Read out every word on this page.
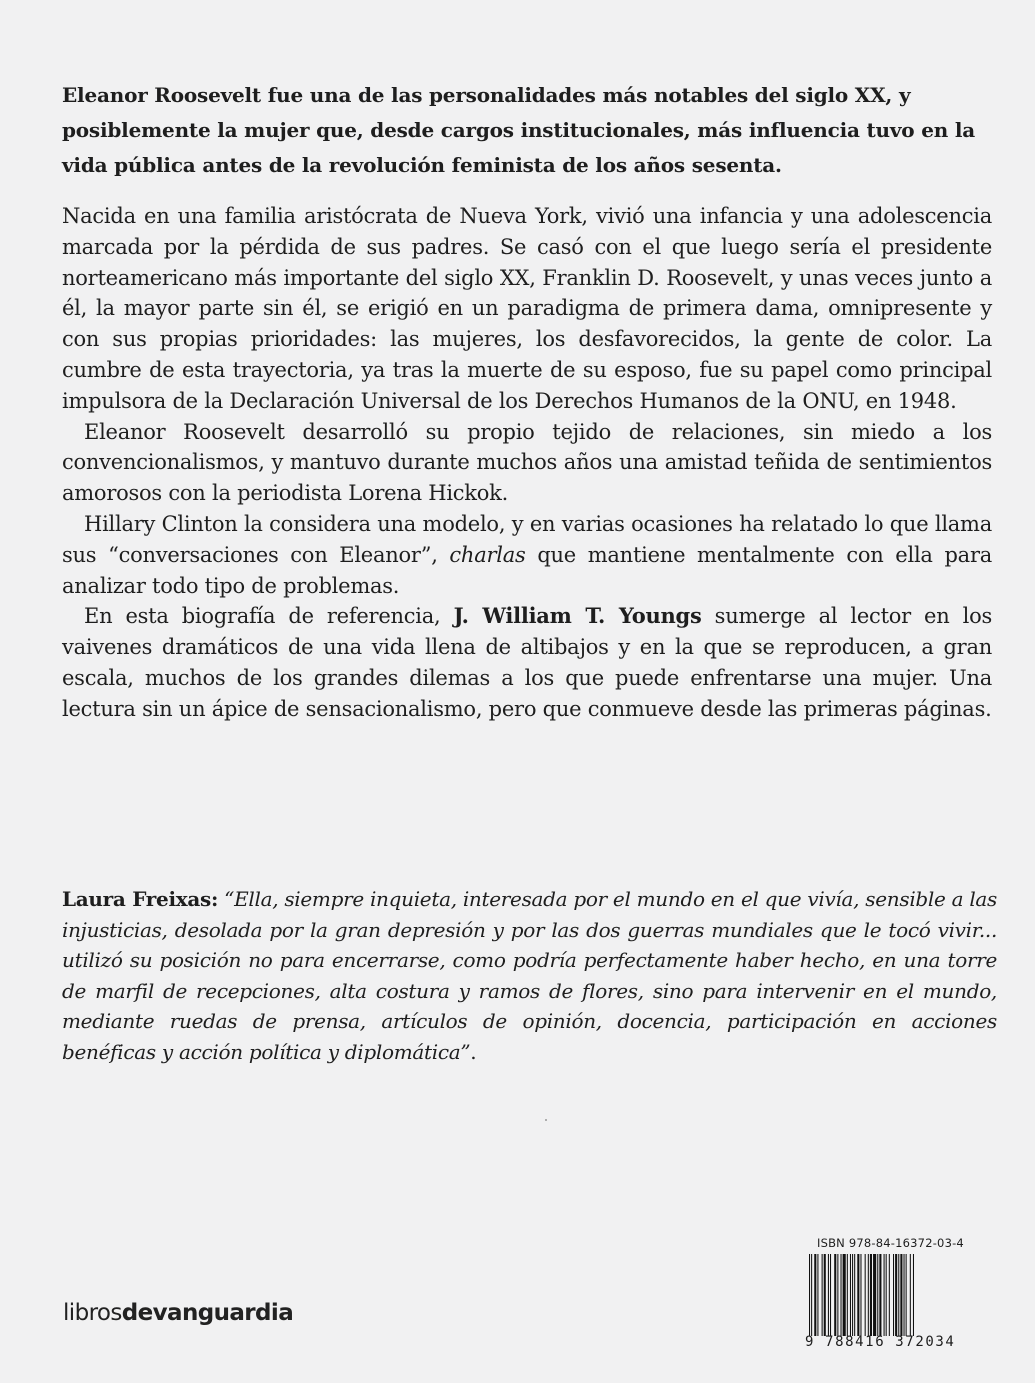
Eleanor Roosevelt fue una de las personalidades más notables del siglo XX, y posiblemente la mujer que, desde cargos institucionales, más influencia tuvo en la vida pública antes de la revolución feminista de los años sesenta.

Nacida en una familia aristócrata de Nueva York, vivió una infancia y una adolescencia marcada por la pérdida de sus padres. Se casó con el que luego sería el presidente norteamericano más importante del siglo XX, Franklin D. Roosevelt, y unas veces junto a él, la mayor parte sin él, se erigió en un paradigma de primera dama, omnipresente y con sus propias prioridades: las mujeres, los desfavorecidos, la gente de color. La cumbre de esta trayectoria, ya tras la muerte de su esposo, fue su papel como principal impulsora de la Declaración Universal de los Derechos Humanos de la ONU, en 1948.

Eleanor Roosevelt desarrolló su propio tejido de relaciones, sin miedo a los convencionalismos, y mantuvo durante muchos años una amistad teñida de sentimientos amorosos con la periodista Lorena Hickok.

Hillary Clinton la considera una modelo, y en varias ocasiones ha relatado lo que llama sus “conversaciones con Eleanor”, charlas que mantiene mentalmente con ella para analizar todo tipo de problemas.

En esta biografía de referencia, J. William T. Youngs sumerge al lector en los vaivenes dramáticos de una vida llena de altibajos y en la que se reproducen, a gran escala, muchos de los grandes dilemas a los que puede enfrentarse una mujer. Una lectura sin un ápice de sensacionalismo, pero que conmueve desde las primeras páginas.

Laura Freixas: “Ella, siempre inquieta, interesada por el mundo en el que vivía, sensible a las injusticias, desolada por la gran depresión y por las dos guerras mundiales que le tocó vivir... utilizó su posición no para encerrarse, como podría perfectamente haber hecho, en una torre de marfil de recepciones, alta costura y ramos de flores, sino para intervenir en el mundo, mediante ruedas de prensa, artículos de opinión, docencia, participación en acciones benéficas y acción política y diplomática”.

librosdevanguardia
ISBN 978-84-16372-03-4
9 788416 372034
